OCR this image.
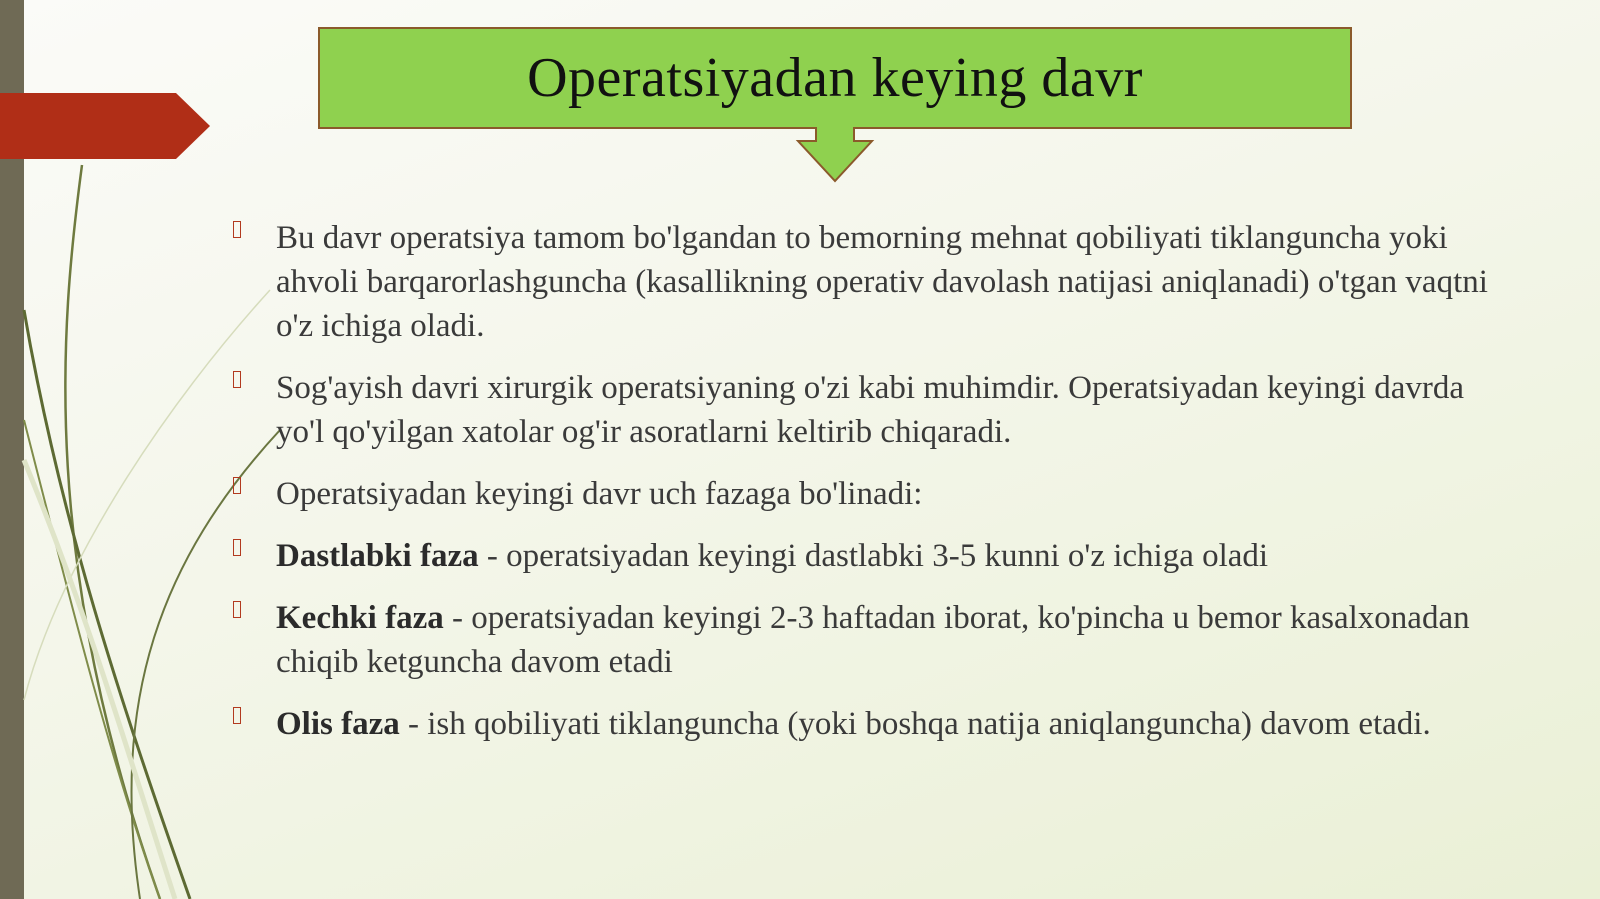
Operatsiyadan keying davr
Bu davr operatsiya tamom bo'lgandan to bemorning mehnat qobiliyati tiklanguncha yoki ahvoli barqarorlashguncha (kasallikning operativ davolash natijasi aniqlanadi) o'tgan vaqtni o'z ichiga oladi.
Sog'ayish davri xirurgik operatsiyaning o'zi kabi muhimdir. Operatsiyadan keyingi davrda yo'l qo'yilgan xatolar og'ir asoratlarni keltirib chiqaradi.
Operatsiyadan keyingi davr uch fazaga bo'linadi:
Dastlabki faza - operatsiyadan keyingi dastlabki 3-5 kunni o'z ichiga oladi
Kechki faza - operatsiyadan keyingi 2-3 haftadan iborat, ko'pincha u bemor kasalxonadan chiqib ketguncha davom etadi
Olis faza - ish qobiliyati tiklanguncha (yoki boshqa natija aniqlanguncha) davom etadi.
